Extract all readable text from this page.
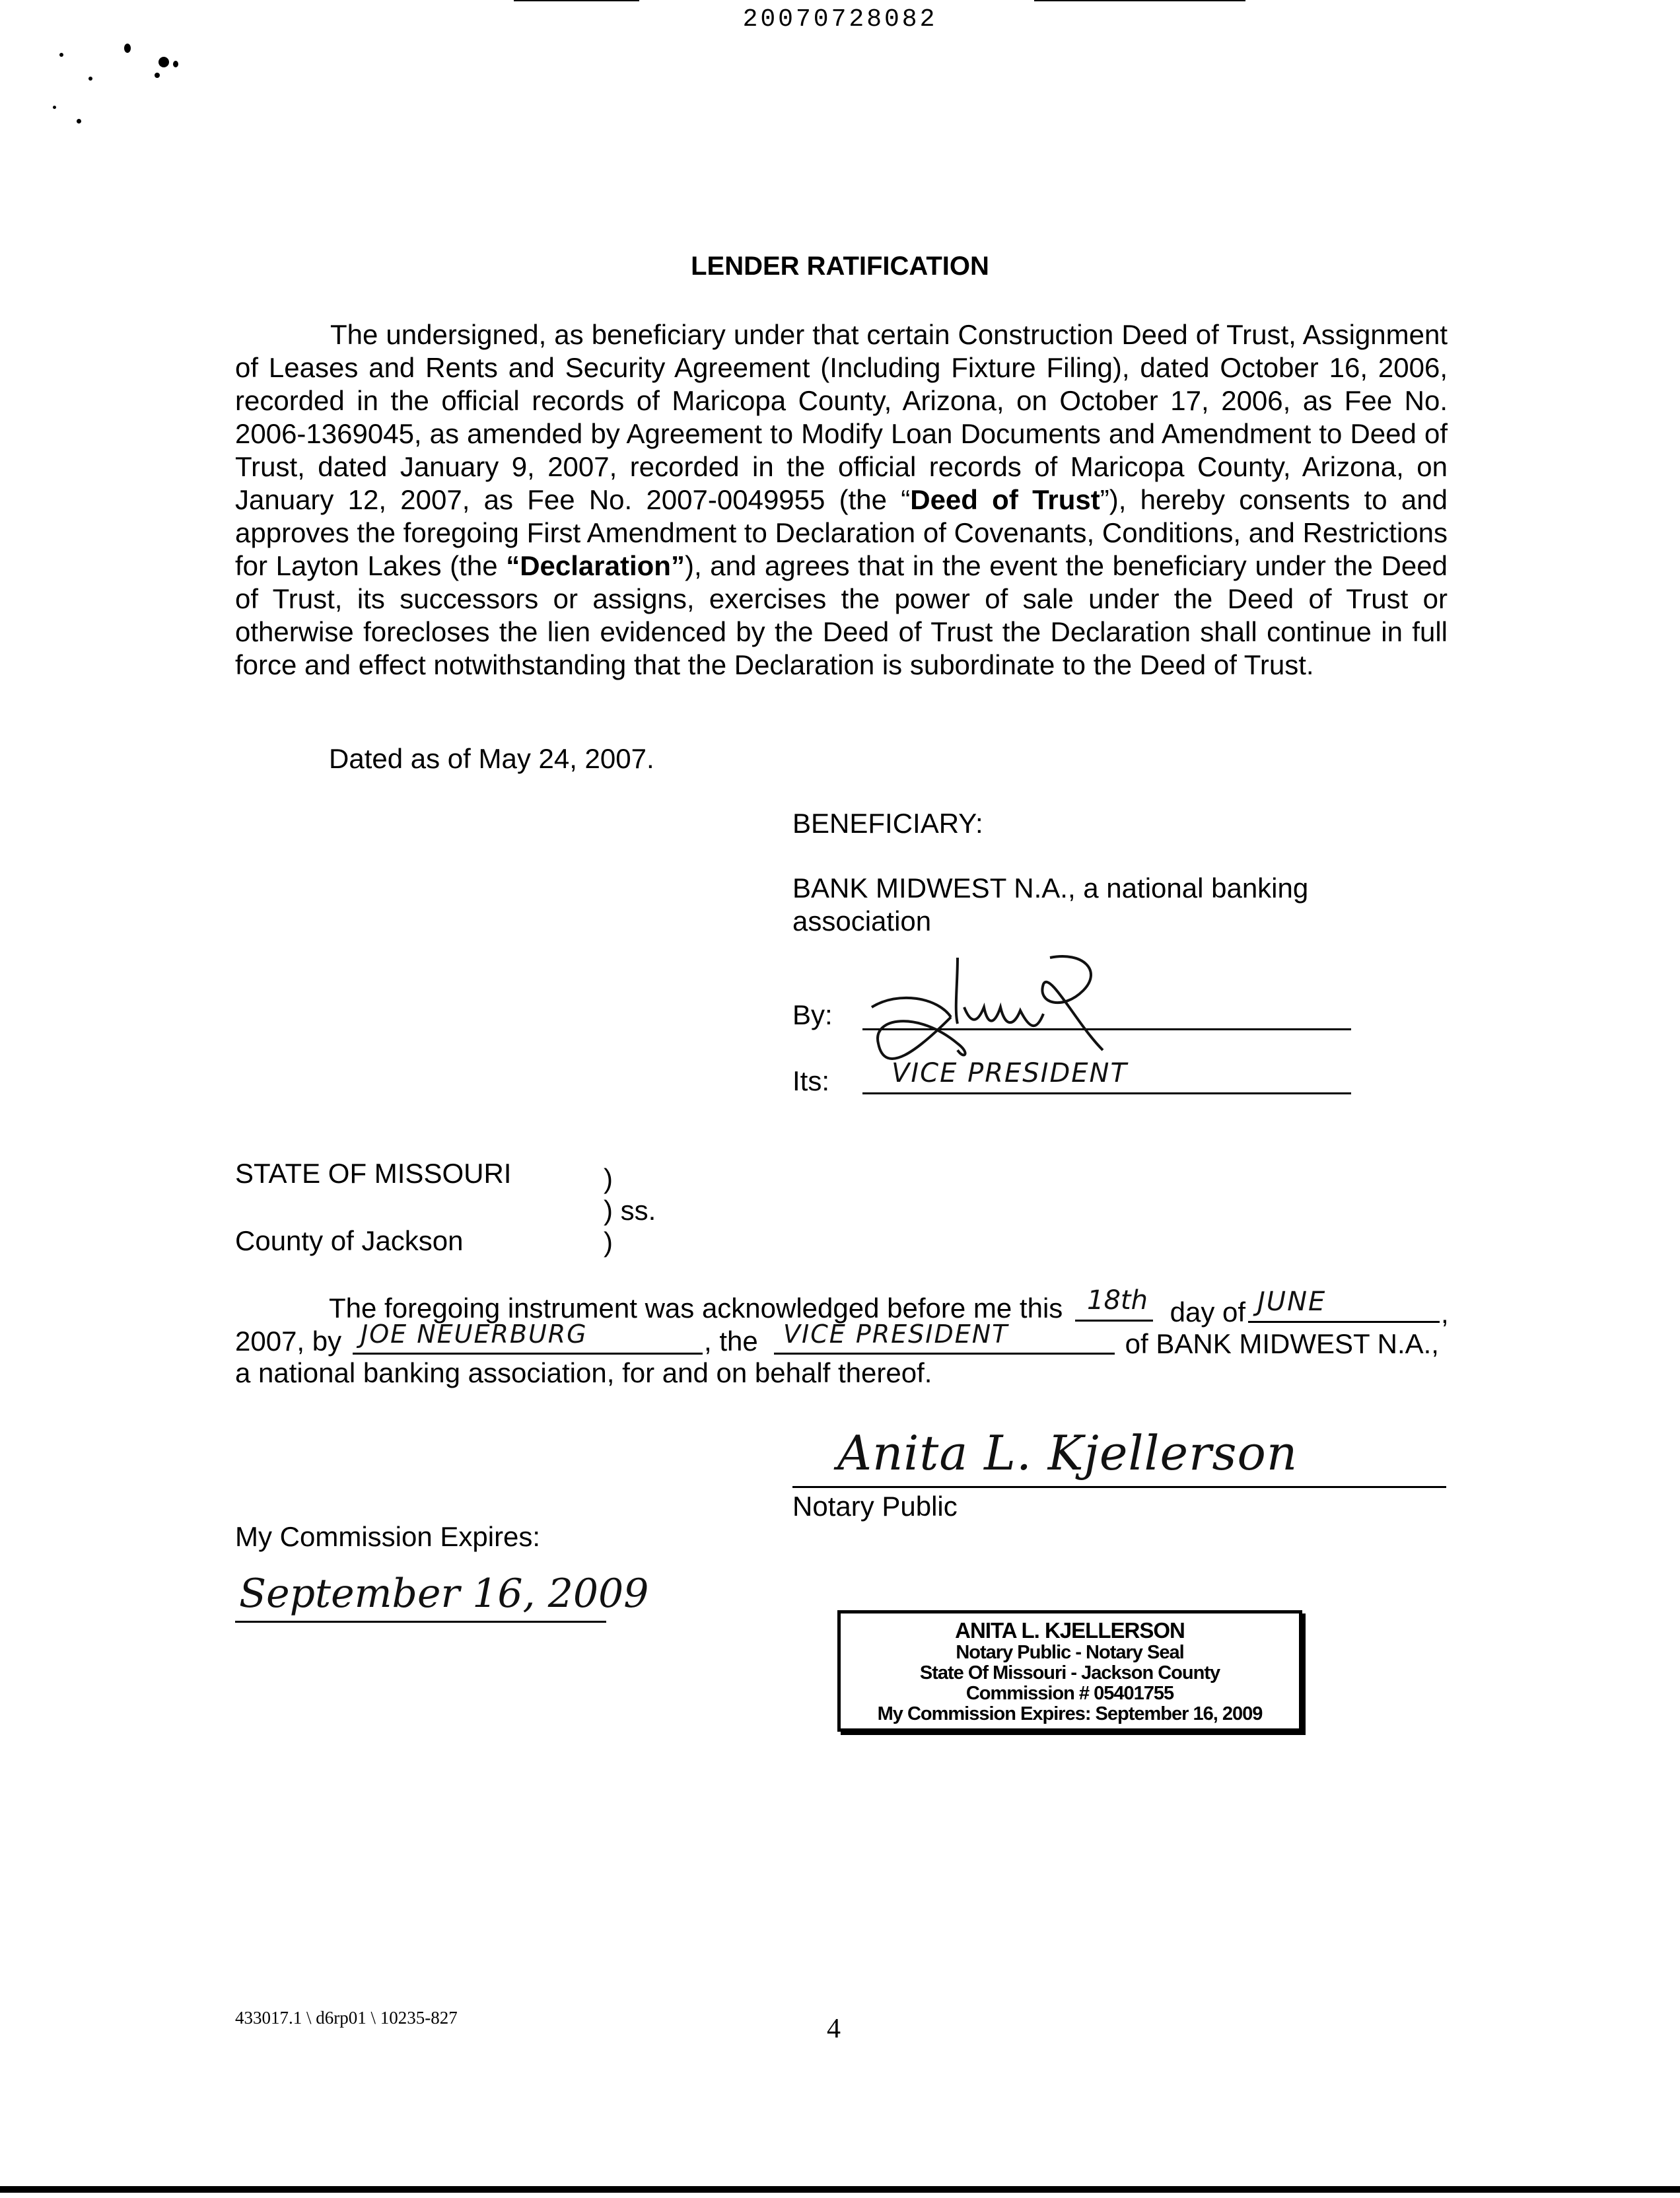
20070728082
LENDER RATIFICATION
The undersigned, as beneficiary under that certain Construction Deed of Trust, Assignment of Leases and Rents and Security Agreement (Including Fixture Filing), dated October 16, 2006, recorded in the official records of Maricopa County, Arizona, on October 17, 2006, as Fee No. 2006-1369045, as amended by Agreement to Modify Loan Documents and Amendment to Deed of Trust, dated January 9, 2007, recorded in the official records of Maricopa County, Arizona, on January 12, 2007, as Fee No. 2007-0049955 (the “Deed of Trust”), hereby consents to and approves the foregoing First Amendment to Declaration of Covenants, Conditions, and Restrictions for Layton Lakes (the “Declaration”), and agrees that in the event the beneficiary under the Deed of Trust, its successors or assigns, exercises the power of sale under the Deed of Trust or otherwise forecloses the lien evidenced by the Deed of Trust the Declaration shall continue in full force and effect notwithstanding that the Declaration is subordinate to the Deed of Trust.
Dated as of May 24, 2007.
BENEFICIARY:
BANK MIDWEST N.A., a national banking
association
By:
Its: VICE PRESIDENT
STATE OF MISSOURI	)
) ss.
County of Jackson	)
The foregoing instrument was acknowledged before me this 18th day of JUNE	,
2007, by JOE NEUERBURG	, the VICE PRESIDENT	of BANK MIDWEST N.A.,
a national banking association, for and on behalf thereof.
Anita L. Kjellerson
Notary Public
My Commission Expires:
September 16, 2009
ANITA L. KJELLERSON
Notary Public - Notary Seal
State Of Missouri - Jackson County
Commission # 05401755
My Commission Expires: September 16, 2009
433017.1 \ d6rp01 \ 10235-827	4
